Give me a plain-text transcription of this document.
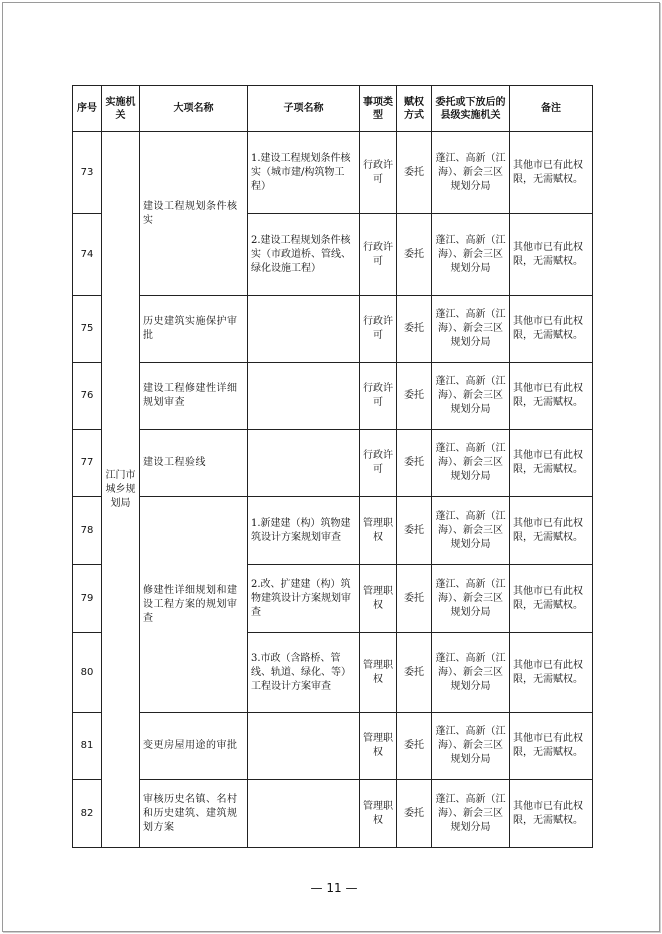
序号	实施机关	大项名称	子项名称	事项类型	赋权方式	委托或下放后的县级实施机关	备注
73	江门市城乡规划局	建设工程规划条件核实	1.建设工程规划条件核实（城市建/构筑物工程）	行政许可	委托	蓬江、高新（江海）、新会三区规划分局	其他市已有此权限，无需赋权。
74			2.建设工程规划条件核实（市政道桥、管线、绿化设施工程）	行政许可	委托	蓬江、高新（江海）、新会三区规划分局	其他市已有此权限，无需赋权。
75		历史建筑实施保护审批		行政许可	委托	蓬江、高新（江海）、新会三区规划分局	其他市已有此权限，无需赋权。
76		建设工程修建性详细规划审查		行政许可	委托	蓬江、高新（江海）、新会三区规划分局	其他市已有此权限，无需赋权。
77		建设工程验线		行政许可	委托	蓬江、高新（江海）、新会三区规划分局	其他市已有此权限，无需赋权。
78		修建性详细规划和建设工程方案的规划审查	1.新建建（构）筑物建筑设计方案规划审查	管理职权	委托	蓬江、高新（江海）、新会三区规划分局	其他市已有此权限，无需赋权。
79			2.改、扩建建（构）筑物建筑设计方案规划审查	管理职权	委托	蓬江、高新（江海）、新会三区规划分局	其他市已有此权限，无需赋权。
80			3.市政（含路桥、管线、轨道、绿化、等）工程设计方案审查	管理职权	委托	蓬江、高新（江海）、新会三区规划分局	其他市已有此权限，无需赋权。
81		变更房屋用途的审批		管理职权	委托	蓬江、高新（江海）、新会三区规划分局	其他市已有此权限，无需赋权。
82		审核历史名镇、名村和历史建筑、建筑规划方案		管理职权	委托	蓬江、高新（江海）、新会三区规划分局	其他市已有此权限，无需赋权。
— 11 —
